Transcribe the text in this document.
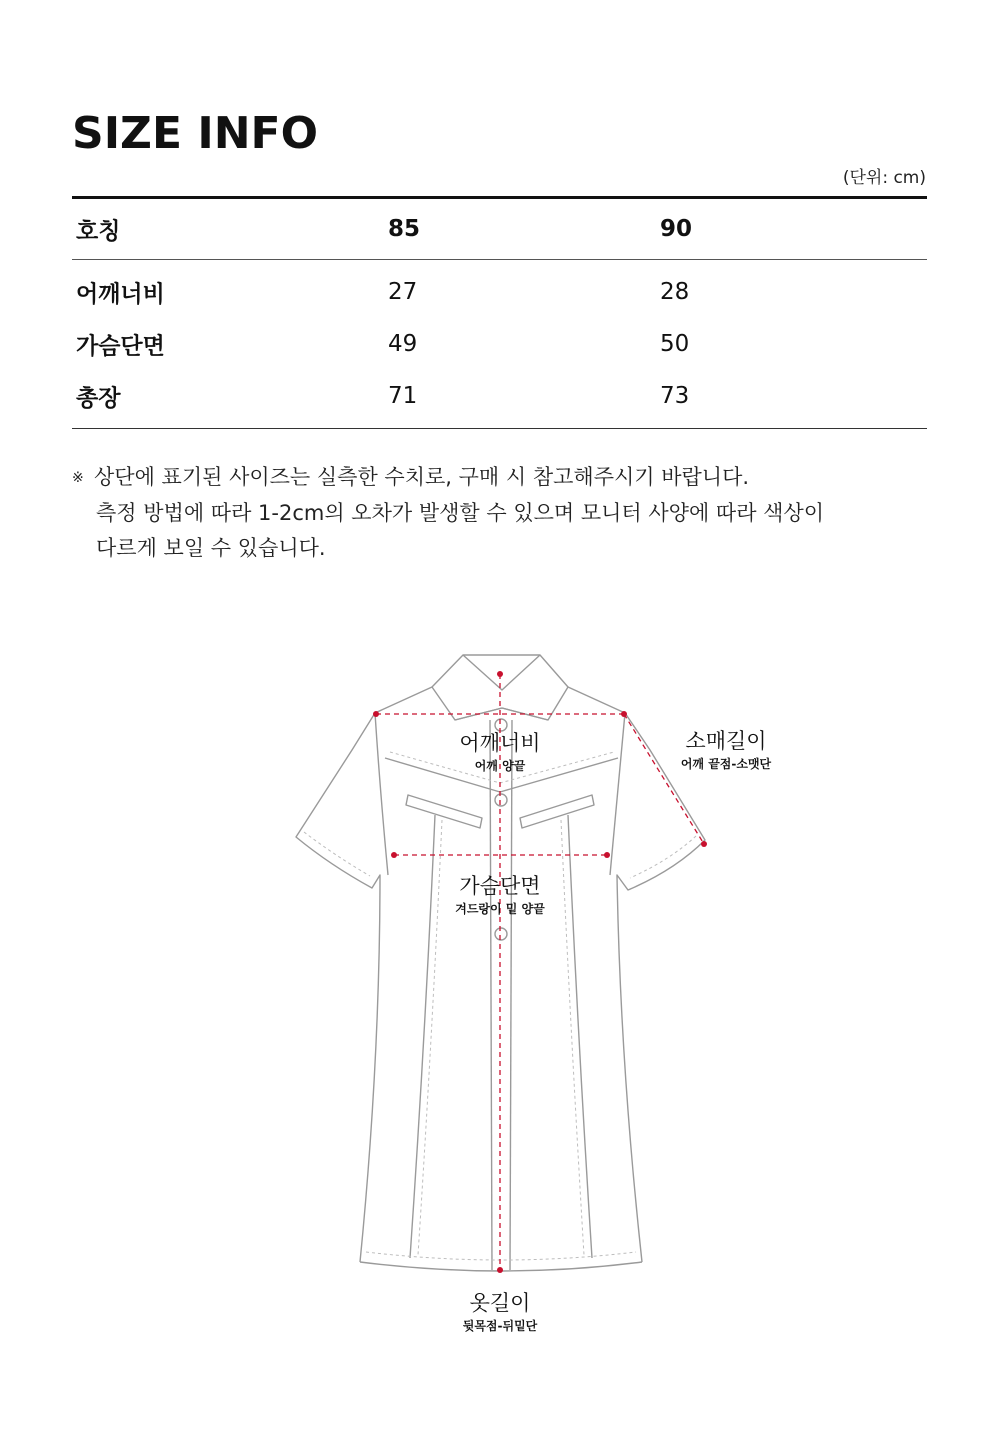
SIZE INFO
(단위: cm)
호칭	85	90
어깨너비	27	28
가슴단면	49	50
총장	71	73
※ 상단에 표기된 사이즈는 실측한 수치로, 구매 시 참고해주시기 바랍니다.
측정 방법에 따라 1-2cm의 오차가 발생할 수 있으며 모니터 사양에 따라 색상이
다르게 보일 수 있습니다.
어깨너비
어깨 양끝
소매길이
어깨 끝점-소맷단
가슴단면
겨드랑이 밑 양끝
옷길이
뒷목점-뒤밑단
